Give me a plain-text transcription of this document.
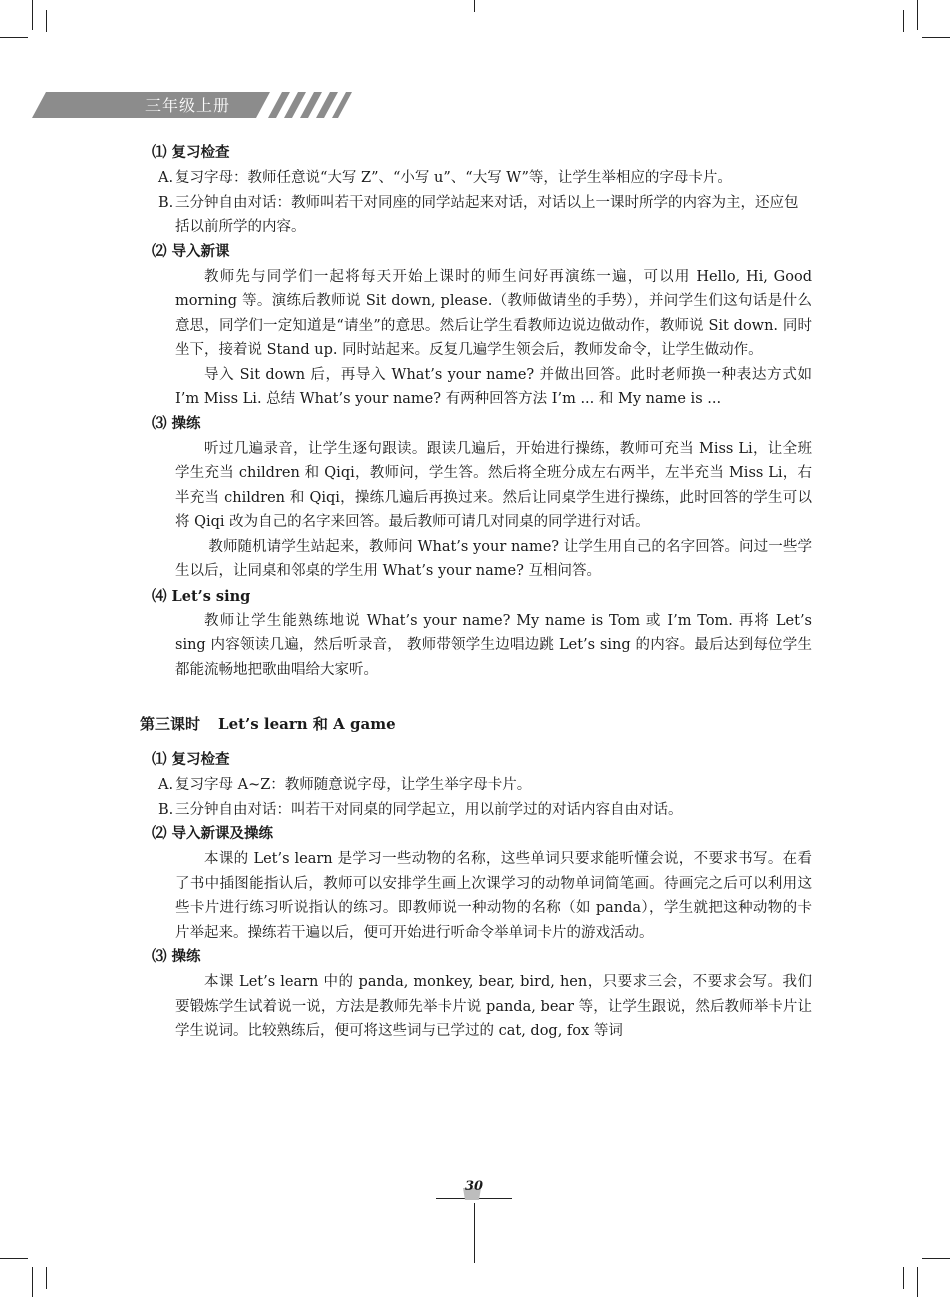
三年级上册
⑴ 复习检查
A. 复习字母：教师任意说“大写 Z”、“小写 u”、“大写 W”等，让学生举相应的字母卡片。
B. 三分钟自由对话：教师叫若干对同座的同学站起来对话，对话以上一课时所学的内容为主，还应包括以前所学的内容。
⑵ 导入新课
教师先与同学们一起将每天开始上课时的师生问好再演练一遍，可以用 Hello, Hi, Good morning 等。演练后教师说 Sit down, please.（教师做请坐的手势），并问学生们这句话是什么意思，同学们一定知道是“请坐”的意思。然后让学生看教师边说边做动作，教师说 Sit down. 同时坐下，接着说 Stand up. 同时站起来。反复几遍学生领会后，教师发命令，让学生做动作。
导入 Sit down 后，再导入 What’s your name? 并做出回答。此时老师换一种表达方式如 I’m Miss Li. 总结 What’s your name? 有两种回答方法 I’m ... 和 My name is ...
⑶ 操练
听过几遍录音，让学生逐句跟读。跟读几遍后，开始进行操练，教师可充当 Miss Li，让全班学生充当 children 和 Qiqi，教师问，学生答。然后将全班分成左右两半，左半充当 Miss Li，右半充当 children 和 Qiqi，操练几遍后再换过来。然后让同桌学生进行操练，此时回答的学生可以将 Qiqi 改为自己的名字来回答。最后教师可请几对同桌的同学进行对话。
教师随机请学生站起来，教师问 What’s your name? 让学生用自己的名字回答。问过一些学生以后，让同桌和邻桌的学生用 What’s your name? 互相问答。
⑷ Let’s sing
教师让学生能熟练地说 What’s your name? My name is Tom 或 I’m Tom. 再将 Let’s sing 内容领读几遍，然后听录音， 教师带领学生边唱边跳 Let’s sing 的内容。最后达到每位学生都能流畅地把歌曲唱给大家听。
第三课时 Let’s learn 和 A game
⑴ 复习检查
A. 复习字母 A~Z：教师随意说字母，让学生举字母卡片。
B. 三分钟自由对话：叫若干对同桌的同学起立，用以前学过的对话内容自由对话。
⑵ 导入新课及操练
本课的 Let’s learn 是学习一些动物的名称，这些单词只要求能听懂会说，不要求书写。在看了书中插图能指认后，教师可以安排学生画上次课学习的动物单词简笔画。待画完之后可以利用这些卡片进行练习听说指认的练习。即教师说一种动物的名称（如 panda），学生就把这种动物的卡片举起来。操练若干遍以后，便可开始进行听命令举单词卡片的游戏活动。
⑶ 操练
本课 Let’s learn 中的 panda, monkey, bear, bird, hen，只要求三会，不要求会写。我们要锻炼学生试着说一说，方法是教师先举卡片说 panda, bear 等，让学生跟说，然后教师举卡片让学生说词。比较熟练后，便可将这些词与已学过的 cat, dog, fox 等词
30
